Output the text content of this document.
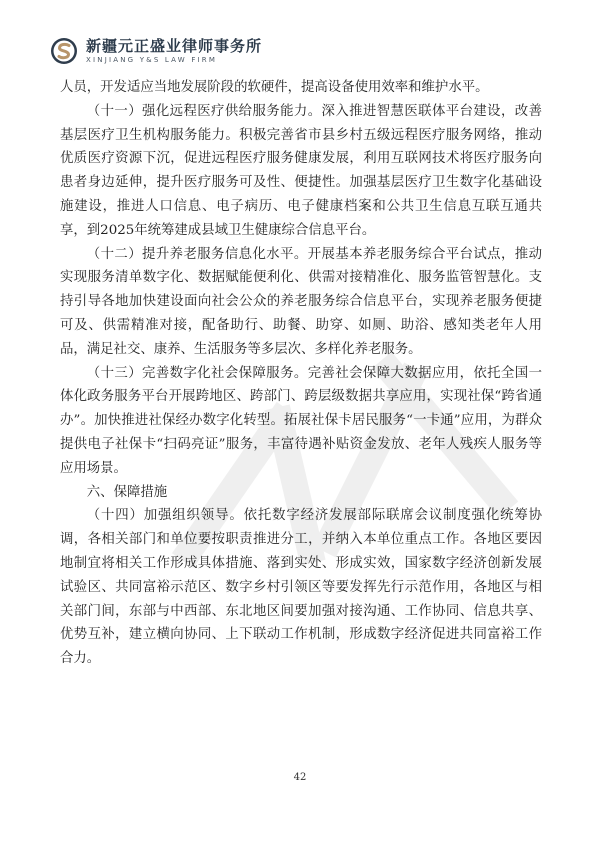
新疆元正盛业律师事务所
XINJIANG Y&S LAW FIRM

人员，开发适应当地发展阶段的软硬件，提高设备使用效率和维护水平。

（十一）强化远程医疗供给服务能力。深入推进智慧医联体平台建设，改善基层医疗卫生机构服务能力。积极完善省市县乡村五级远程医疗服务网络，推动优质医疗资源下沉，促进远程医疗服务健康发展，利用互联网技术将医疗服务向患者身边延伸，提升医疗服务可及性、便捷性。加强基层医疗卫生数字化基础设施建设，推进人口信息、电子病历、电子健康档案和公共卫生信息互联互通共享，到2025年统筹建成县域卫生健康综合信息平台。

（十二）提升养老服务信息化水平。开展基本养老服务综合平台试点，推动实现服务清单数字化、数据赋能便利化、供需对接精准化、服务监管智慧化。支持引导各地加快建设面向社会公众的养老服务综合信息平台，实现养老服务便捷可及、供需精准对接，配备助行、助餐、助穿、如厕、助浴、感知类老年人用品，满足社交、康养、生活服务等多层次、多样化养老服务。

（十三）完善数字化社会保障服务。完善社会保障大数据应用，依托全国一体化政务服务平台开展跨地区、跨部门、跨层级数据共享应用，实现社保“跨省通办”。加快推进社保经办数字化转型。拓展社保卡居民服务“一卡通”应用，为群众提供电子社保卡“扫码亮证”服务，丰富待遇补贴资金发放、老年人残疾人服务等应用场景。

六、保障措施

（十四）加强组织领导。依托数字经济发展部际联席会议制度强化统筹协调，各相关部门和单位要按职责推进分工，并纳入本单位重点工作。各地区要因地制宜将相关工作形成具体措施、落到实处、形成实效，国家数字经济创新发展试验区、共同富裕示范区、数字乡村引领区等要发挥先行示范作用，各地区与相关部门间，东部与中西部、东北地区间要加强对接沟通、工作协同、信息共享、优势互补，建立横向协同、上下联动工作机制，形成数字经济促进共同富裕工作合力。

42
